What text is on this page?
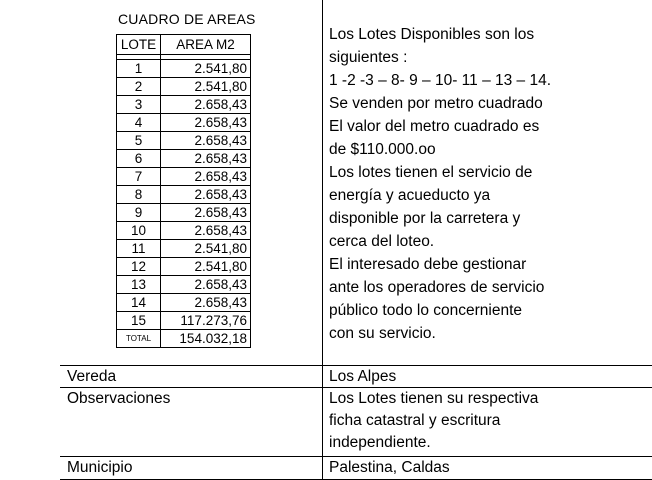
CUADRO DE AREAS
LOTE	AREA M2

1	2.541,80
2	2.541,80
3	2.658,43
4	2.658,43
5	2.658,43
6	2.658,43
7	2.658,43
8	2.658,43
9	2.658,43
10	2.658,43
11	2.541,80
12	2.541,80
13	2.658,43
14	2.658,43
15	117.273,76
TOTAL	154.032,18
Los Lotes Disponibles son los
siguientes :
1 -2 -3 – 8- 9 – 10- 11 – 13 – 14.
Se venden por metro cuadrado
El valor del metro cuadrado es
de $110.000.oo
Los lotes tienen el servicio de
energía y acueducto ya
disponible por la carretera y
cerca del loteo.
El interesado debe gestionar
ante los operadores de servicio
público todo lo concerniente
con su servicio.
Vereda	Los Alpes
Observaciones	Los Lotes tienen su respectiva
ficha catastral y escritura
independiente.
Municipio	Palestina, Caldas
